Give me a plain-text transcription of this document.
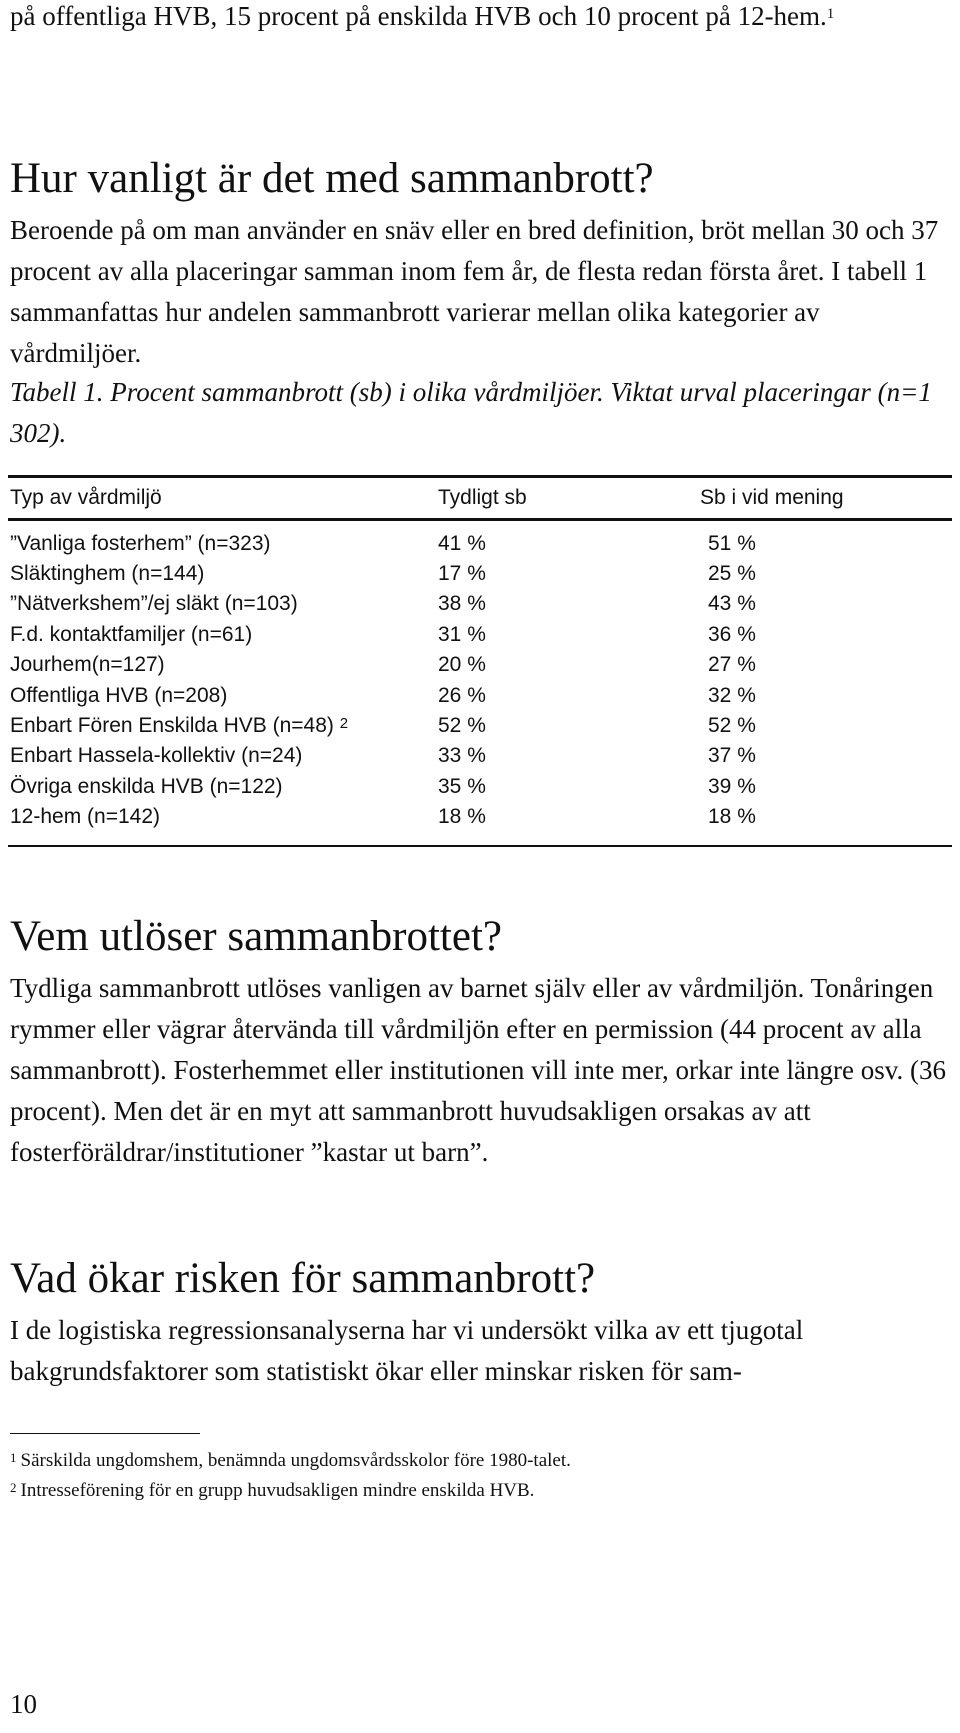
på offentliga HVB, 15 procent på enskilda HVB och 10 procent på 12-hem.$^1$

Hur vanligt är det med sammanbrott?

Beroende på om man använder en snäv eller en bred definition, bröt mellan 30 och 37 procent av alla placeringar samman inom fem år, de flesta redan första året. I tabell 1 sammanfattas hur andelen sammanbrott varierar mellan olika kategorier av vårdmiljöer.

Tabell 1. Procent sammanbrott (sb) i olika vårdmiljöer. Viktat urval placeringar (n=1 302).

Typ av vårdmiljö	Tydligt sb	Sb i vid mening
”Vanliga fosterhem” (n=323)	41 %	51 %
Släktinghem (n=144)	17 %	25 %
”Nätverkshem”/ej släkt (n=103)	38 %	43 %
F.d. kontaktfamiljer (n=61)	31 %	36 %
Jourhem(n=127)	20 %	27 %
Offentliga HVB (n=208)	26 %	32 %
Enbart Fören Enskilda HVB (n=48) $^2$	52 %	52 %
Enbart Hassela-kollektiv (n=24)	33 %	37 %
Övriga enskilda HVB (n=122)	35 %	39 %
12-hem (n=142)	18 %	18 %
Vem utlöser sammanbrottet?

Tydliga sammanbrott utlöses vanligen av barnet själv eller av vårdmiljön. Tonåringen rymmer eller vägrar återvända till vårdmiljön efter en permission (44 procent av alla sammanbrott). Fosterhemmet eller institutionen vill inte mer, orkar inte längre osv. (36 procent). Men det är en myt att sammanbrott huvudsakligen orsakas av att fosterföräldrar/institutioner ”kastar ut barn”.

Vad ökar risken för sammanbrott?

I de logistiska regressionsanalyserna har vi undersökt vilka av ett tjugotal bakgrundsfaktorer som statistiskt ökar eller minskar risken för sam-

$^1$ Särskilda ungdomshem, benämnda ungdomsvårdsskolor före 1980-talet.

$^2$ Intresseförening för en grupp huvudsakligen mindre enskilda HVB.

10
